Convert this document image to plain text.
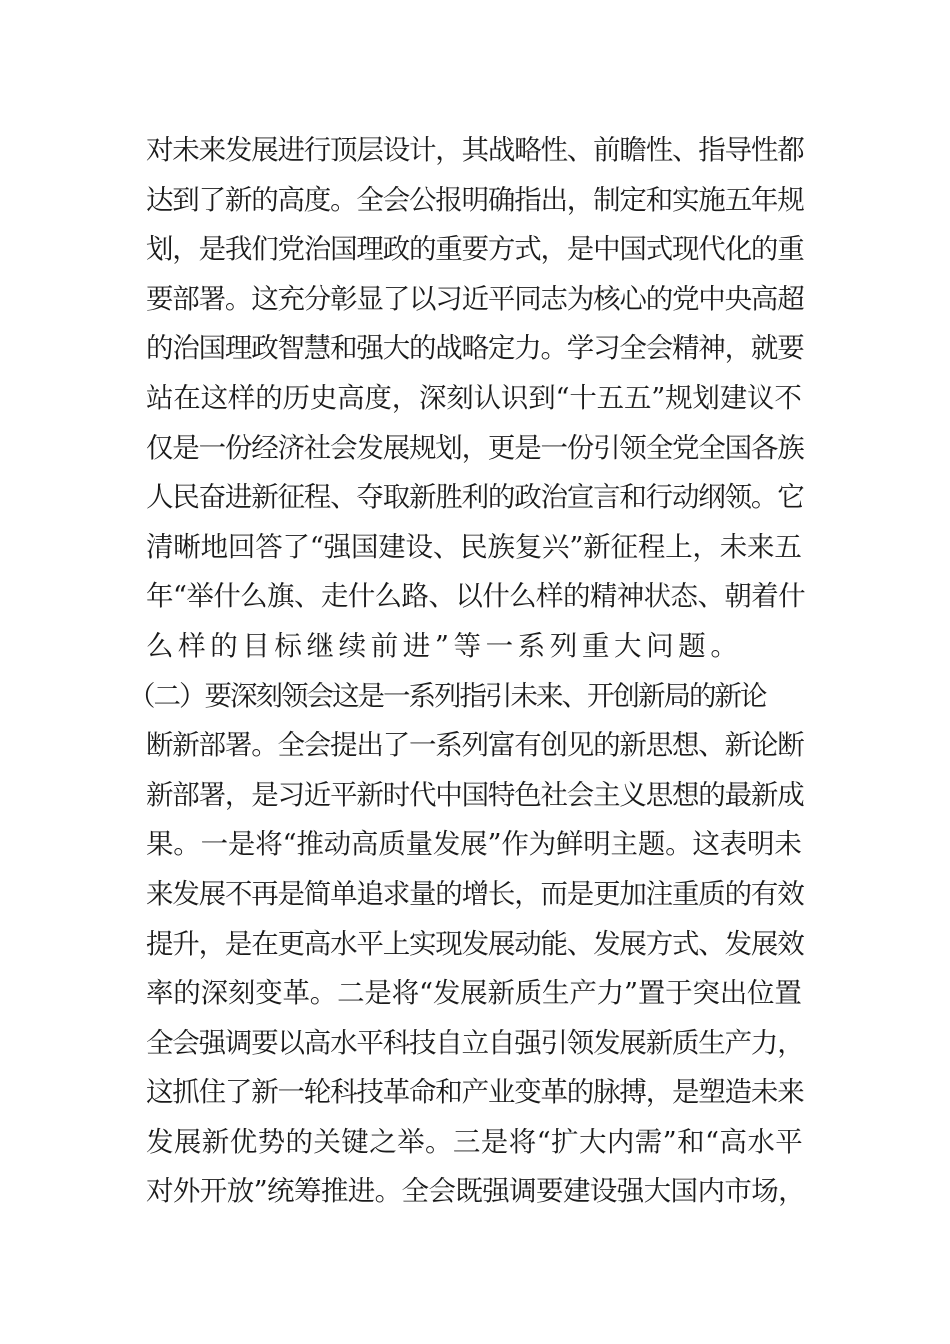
对未来发展进行顶层设计，其战略性、前瞻性、指导性都
达到了新的高度。全会公报明确指出，制定和实施五年规
划，是我们党治国理政的重要方式，是中国式现代化的重
要部署。这充分彰显了以习近平同志为核心的党中央高超
的治国理政智慧和强大的战略定力。学习全会精神，就要
站在这样的历史高度，深刻认识到“十五五”规划建议不
仅是一份经济社会发展规划，更是一份引领全党全国各族
人民奋进新征程、夺取新胜利的政治宣言和行动纲领。它
清晰地回答了“强国建设、民族复兴”新征程上，未来五
年“举什么旗、走什么路、以什么样的精神状态、朝着什
么样的目标继续前进”等一系列重大问题。
（二）要深刻领会这是一系列指引未来、开创新局的新论
断新部署。全会提出了一系列富有创见的新思想、新论断
新部署，是习近平新时代中国特色社会主义思想的最新成
果。一是将“推动高质量发展”作为鲜明主题。这表明未
来发展不再是简单追求量的增长，而是更加注重质的有效
提升，是在更高水平上实现发展动能、发展方式、发展效
率的深刻变革。二是将“发展新质生产力”置于突出位置
全会强调要以高水平科技自立自强引领发展新质生产力，
这抓住了新一轮科技革命和产业变革的脉搏，是塑造未来
发展新优势的关键之举。三是将“扩大内需”和“高水平
对外开放”统筹推进。全会既强调要建设强大国内市场，
